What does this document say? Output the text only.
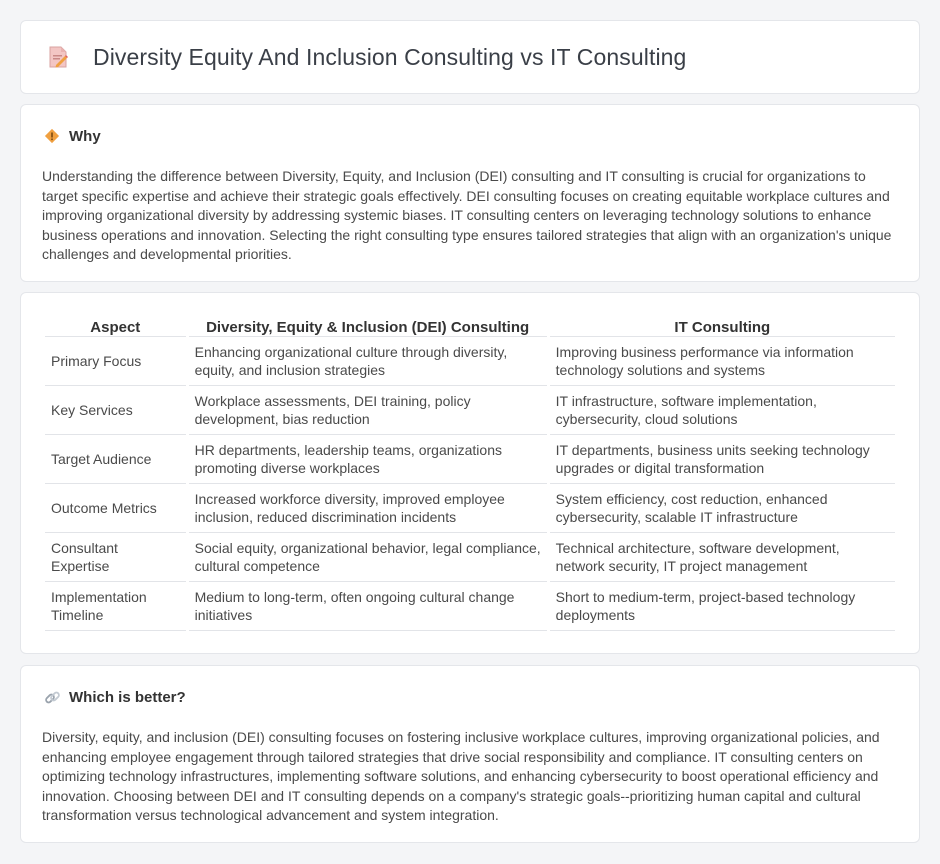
Diversity Equity And Inclusion Consulting vs IT Consulting
Why

Understanding the difference between Diversity, Equity, and Inclusion (DEI) consulting and IT consulting is crucial for organizations to target specific expertise and achieve their strategic goals effectively. DEI consulting focuses on creating equitable workplace cultures and improving organizational diversity by addressing systemic biases. IT consulting centers on leveraging technology solutions to enhance business operations and innovation. Selecting the right consulting type ensures tailored strategies that align with an organization's unique challenges and developmental priorities.

Aspect	Diversity, Equity & Inclusion (DEI) Consulting	IT Consulting
Primary Focus	Enhancing organizational culture through diversity, equity, and inclusion strategies	Improving business performance via information technology solutions and systems
Key Services	Workplace assessments, DEI training, policy development, bias reduction	IT infrastructure, software implementation, cybersecurity, cloud solutions
Target Audience	HR departments, leadership teams, organizations promoting diverse workplaces	IT departments, business units seeking technology upgrades or digital transformation
Outcome Metrics	Increased workforce diversity, improved employee inclusion, reduced discrimination incidents	System efficiency, cost reduction, enhanced cybersecurity, scalable IT infrastructure
Consultant Expertise	Social equity, organizational behavior, legal compliance, cultural competence	Technical architecture, software development, network security, IT project management
Implementation Timeline	Medium to long-term, often ongoing cultural change initiatives	Short to medium-term, project-based technology deployments
Which is better?

Diversity, equity, and inclusion (DEI) consulting focuses on fostering inclusive workplace cultures, improving organizational policies, and enhancing employee engagement through tailored strategies that drive social responsibility and compliance. IT consulting centers on optimizing technology infrastructures, implementing software solutions, and enhancing cybersecurity to boost operational efficiency and innovation. Choosing between DEI and IT consulting depends on a company's strategic goals--prioritizing human capital and cultural transformation versus technological advancement and system integration.
